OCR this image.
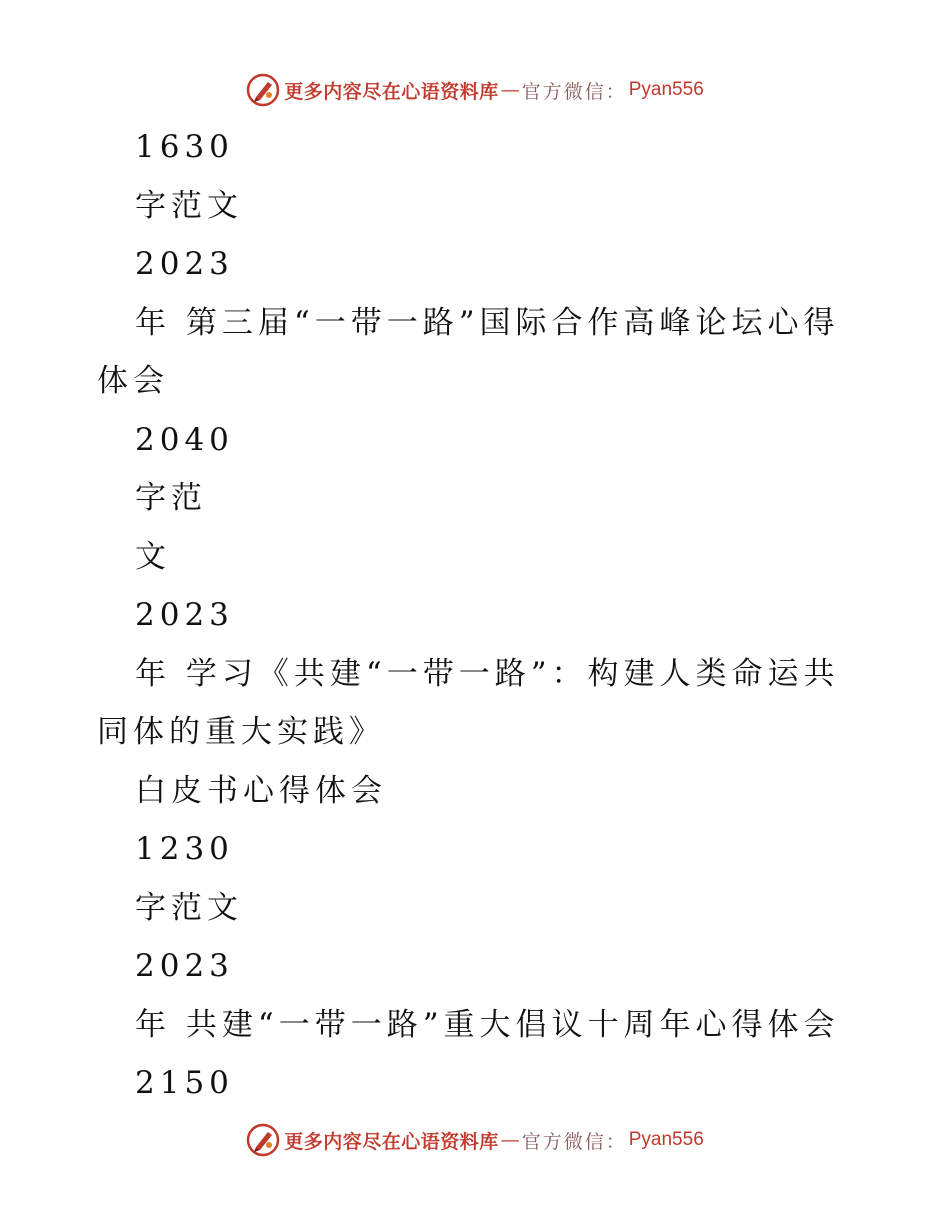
更多内容尽在心语资料库 — 官方微信： Pyan556
1630
字范文
2023
年 第三届“一带一路”国际合作高峰论坛心得
体会
2040
字范
文
2023
年 学习《共建“一带一路”：构建人类命运共
同体的重大实践》
白皮书心得体会
1230
字范文
2023
年 共建“一带一路”重大倡议十周年心得体会
2150
更多内容尽在心语资料库 — 官方微信： Pyan556
